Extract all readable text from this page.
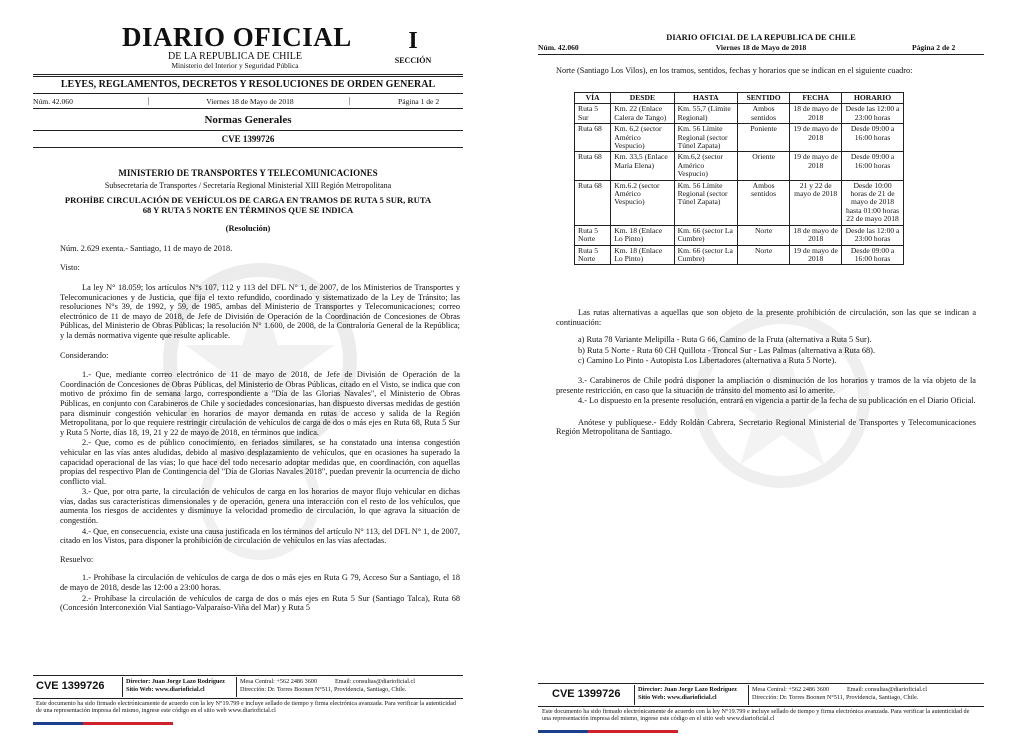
DIARIO OFICIAL
DE LA REPUBLICA DE CHILE
Ministerio del Interior y Seguridad Pública
I
SECCIÓN
LEYES, REGLAMENTOS, DECRETOS Y RESOLUCIONES DE ORDEN GENERAL
Núm. 42.060	|	Viernes 18 de Mayo de 2018	|	Página 1 de 2
Normas Generales
CVE 1399726
MINISTERIO DE TRANSPORTES Y TELECOMUNICACIONES
Subsecretaría de Transportes / Secretaría Regional Ministerial XIII Región Metropolitana
PROHÍBE CIRCULACIÓN DE VEHÍCULOS DE CARGA EN TRAMOS DE RUTA 5 SUR, RUTA 68 Y RUTA 5 NORTE EN TÉRMINOS QUE SE INDICA
(Resolución)
Núm. 2.629 exenta.- Santiago, 11 de mayo de 2018.
Visto:

La ley N° 18.059; los artículos N°s 107, 112 y 113 del DFL N° 1, de 2007, de los Ministerios de Transportes y Telecomunicaciones y de Justicia, que fija el texto refundido, coordinado y sistematizado de la Ley de Tránsito; las resoluciones N°s 39, de 1992, y 59, de 1985, ambas del Ministerio de Transportes y Telecomunicaciones; correo electrónico de 11 de mayo de 2018, de Jefe de División de Operación de la Coordinación de Concesiones de Obras Públicas, del Ministerio de Obras Públicas; la resolución N° 1.600, de 2008, de la Contraloría General de la República; y la demás normativa vigente que resulte aplicable.

Considerando:

1.- Que, mediante correo electrónico de 11 de mayo de 2018, de Jefe de División de Operación de la Coordinación de Concesiones de Obras Públicas, del Ministerio de Obras Públicas, citado en el Visto, se indica que con motivo de próximo fin de semana largo, correspondiente a "Día de las Glorias Navales", el Ministerio de Obras Públicas, en conjunto con Carabineros de Chile y sociedades concesionarias, han dispuesto diversas medidas de gestión para disminuir congestión vehicular en horarios de mayor demanda en rutas de acceso y salida de la Región Metropolitana, por lo que requiere restringir circulación de vehículos de carga de dos o más ejes en Ruta 68, Ruta 5 Sur y Ruta 5 Norte, días 18, 19, 21 y 22 de mayo de 2018, en términos que indica.

2.- Que, como es de público conocimiento, en feriados similares, se ha constatado una intensa congestión vehicular en las vías antes aludidas, debido al masivo desplazamiento de vehículos, que en ocasiones ha superado la capacidad operacional de las vías; lo que hace del todo necesario adoptar medidas que, en coordinación, con aquellas propias del respectivo Plan de Contingencia del "Día de Glorias Navales 2018", puedan prevenir la ocurrencia de dicho conflicto vial.

3.- Que, por otra parte, la circulación de vehículos de carga en los horarios de mayor flujo vehicular en dichas vías, dadas sus características dimensionales y de operación, genera una interacción con el resto de los vehículos, que aumenta los riesgos de accidentes y disminuye la velocidad promedio de circulación, lo que agrava la situación de congestión.

4.- Que, en consecuencia, existe una causa justificada en los términos del artículo N° 113, del DFL N° 1, de 2007, citado en los Vistos, para disponer la prohibición de circulación de vehículos en las vías afectadas.

Resuelvo:

1.- Prohíbase la circulación de vehículos de carga de dos o más ejes en Ruta G 79, Acceso Sur a Santiago, el 18 de mayo de 2018, desde las 12:00 a 23:00 horas.

2.- Prohíbase la circulación de vehículos de carga de dos o más ejes en Ruta 5 Sur (Santiago Talca), Ruta 68 (Concesión Interconexión Vial Santiago-Valparaíso-Viña del Mar) y Ruta 5

CVE 1399726	Director: Juan Jorge Lazo Rodríguez
Sitio Web: www.diarioficial.cl
Mesa Central: +562 2486 3600	Email: consultas@diarioficial.cl
Dirección: Dr. Torres Boonen N°511, Providencia, Santiago, Chile.
Este documento ha sido firmado electrónicamente de acuerdo con la ley N°19.799 e incluye sellado de tiempo y firma electrónica avanzada. Para verificar la autenticidad de una representación impresa del mismo, ingrese este código en el sitio web www.diarioficial.cl
DIARIO OFICIAL DE LA REPUBLICA DE CHILE
Núm. 42.060	Viernes 18 de Mayo de 2018	Página 2 de 2
Norte (Santiago Los Vilos), en los tramos, sentidos, fechas y horarios que se indican en el siguiente cuadro:
VÍA	DESDE	HASTA	SENTIDO	FECHA	HORARIO
Ruta 5 Sur	Km. 22 (Enlace Calera de Tango)	Km. 55,7 (Límite Regional)	Ambos sentidos	18 de mayo de 2018	Desde las 12:00 a 23:00 horas
Ruta 68	Km. 6,2 (sector Américo Vespucio)	Km. 56 Límite Regional (sector Túnel Zapata)	Poniente	19 de mayo de 2018	Desde 09:00 a 16:00 horas
Ruta 68	Km. 33,5 (Enlace María Elena)	Km.6,2 (sector Américo Vespucio)	Oriente	19 de mayo de 2018	Desde 09:00 a 16:00 horas
Ruta 68	Km.6.2 (sector Américo Vespucio)	Km. 56 Límite Regional (sector Túnel Zapata)	Ambos sentidos	21 y 22 de mayo de 2018	Desde 10:00 horas de 21 de mayo de 2018 hasta 01:00 horas 22 de mayo 2018
Ruta 5 Norte	Km. 18 (Enlace Lo Pinto)	Km. 66 (sector La Cumbre)	Norte	18 de mayo de 2018	Desde las 12:00 a 23:00 horas
Ruta 5 Norte	Km. 18 (Enlace Lo Pinto)	Km. 66 (sector La Cumbre)	Norte	19 de mayo de 2018	Desde 09:00 a 16:00 horas

Las rutas alternativas a aquellas que son objeto de la presente prohibición de circulación, son las que se indican a continuación:

a) Ruta 78 Variante Melipilla - Ruta G 66, Camino de la Fruta (alternativa a Ruta 5 Sur).

b) Ruta 5 Norte - Ruta 60 CH Quillota - Troncal Sur - Las Palmas (alternativa a Ruta 68).

c) Camino Lo Pinto - Autopista Los Libertadores (alternativa a Ruta 5 Norte).

3.- Carabineros de Chile podrá disponer la ampliación o disminución de los horarios y tramos de la vía objeto de la presente restricción, en caso que la situación de tránsito del momento así lo amerite.

4.- Lo dispuesto en la presente resolución, entrará en vigencia a partir de la fecha de su publicación en el Diario Oficial.

Anótese y publíquese.- Eddy Roldán Cabrera, Secretario Regional Ministerial de Transportes y Telecomunicaciones Región Metropolitana de Santiago.

CVE 1399726	Director: Juan Jorge Lazo Rodríguez
Sitio Web: www.diarioficial.cl
Mesa Central: +562 2486 3600	Email: consultas@diarioficial.cl
Dirección: Dr. Torres Boonen N°511, Providencia, Santiago, Chile.
Este documento ha sido firmado electrónicamente de acuerdo con la ley N°19.799 e incluye sellado de tiempo y firma electrónica avanzada. Para verificar la autenticidad de una representación impresa del mismo, ingrese este código en el sitio web www.diarioficial.cl
